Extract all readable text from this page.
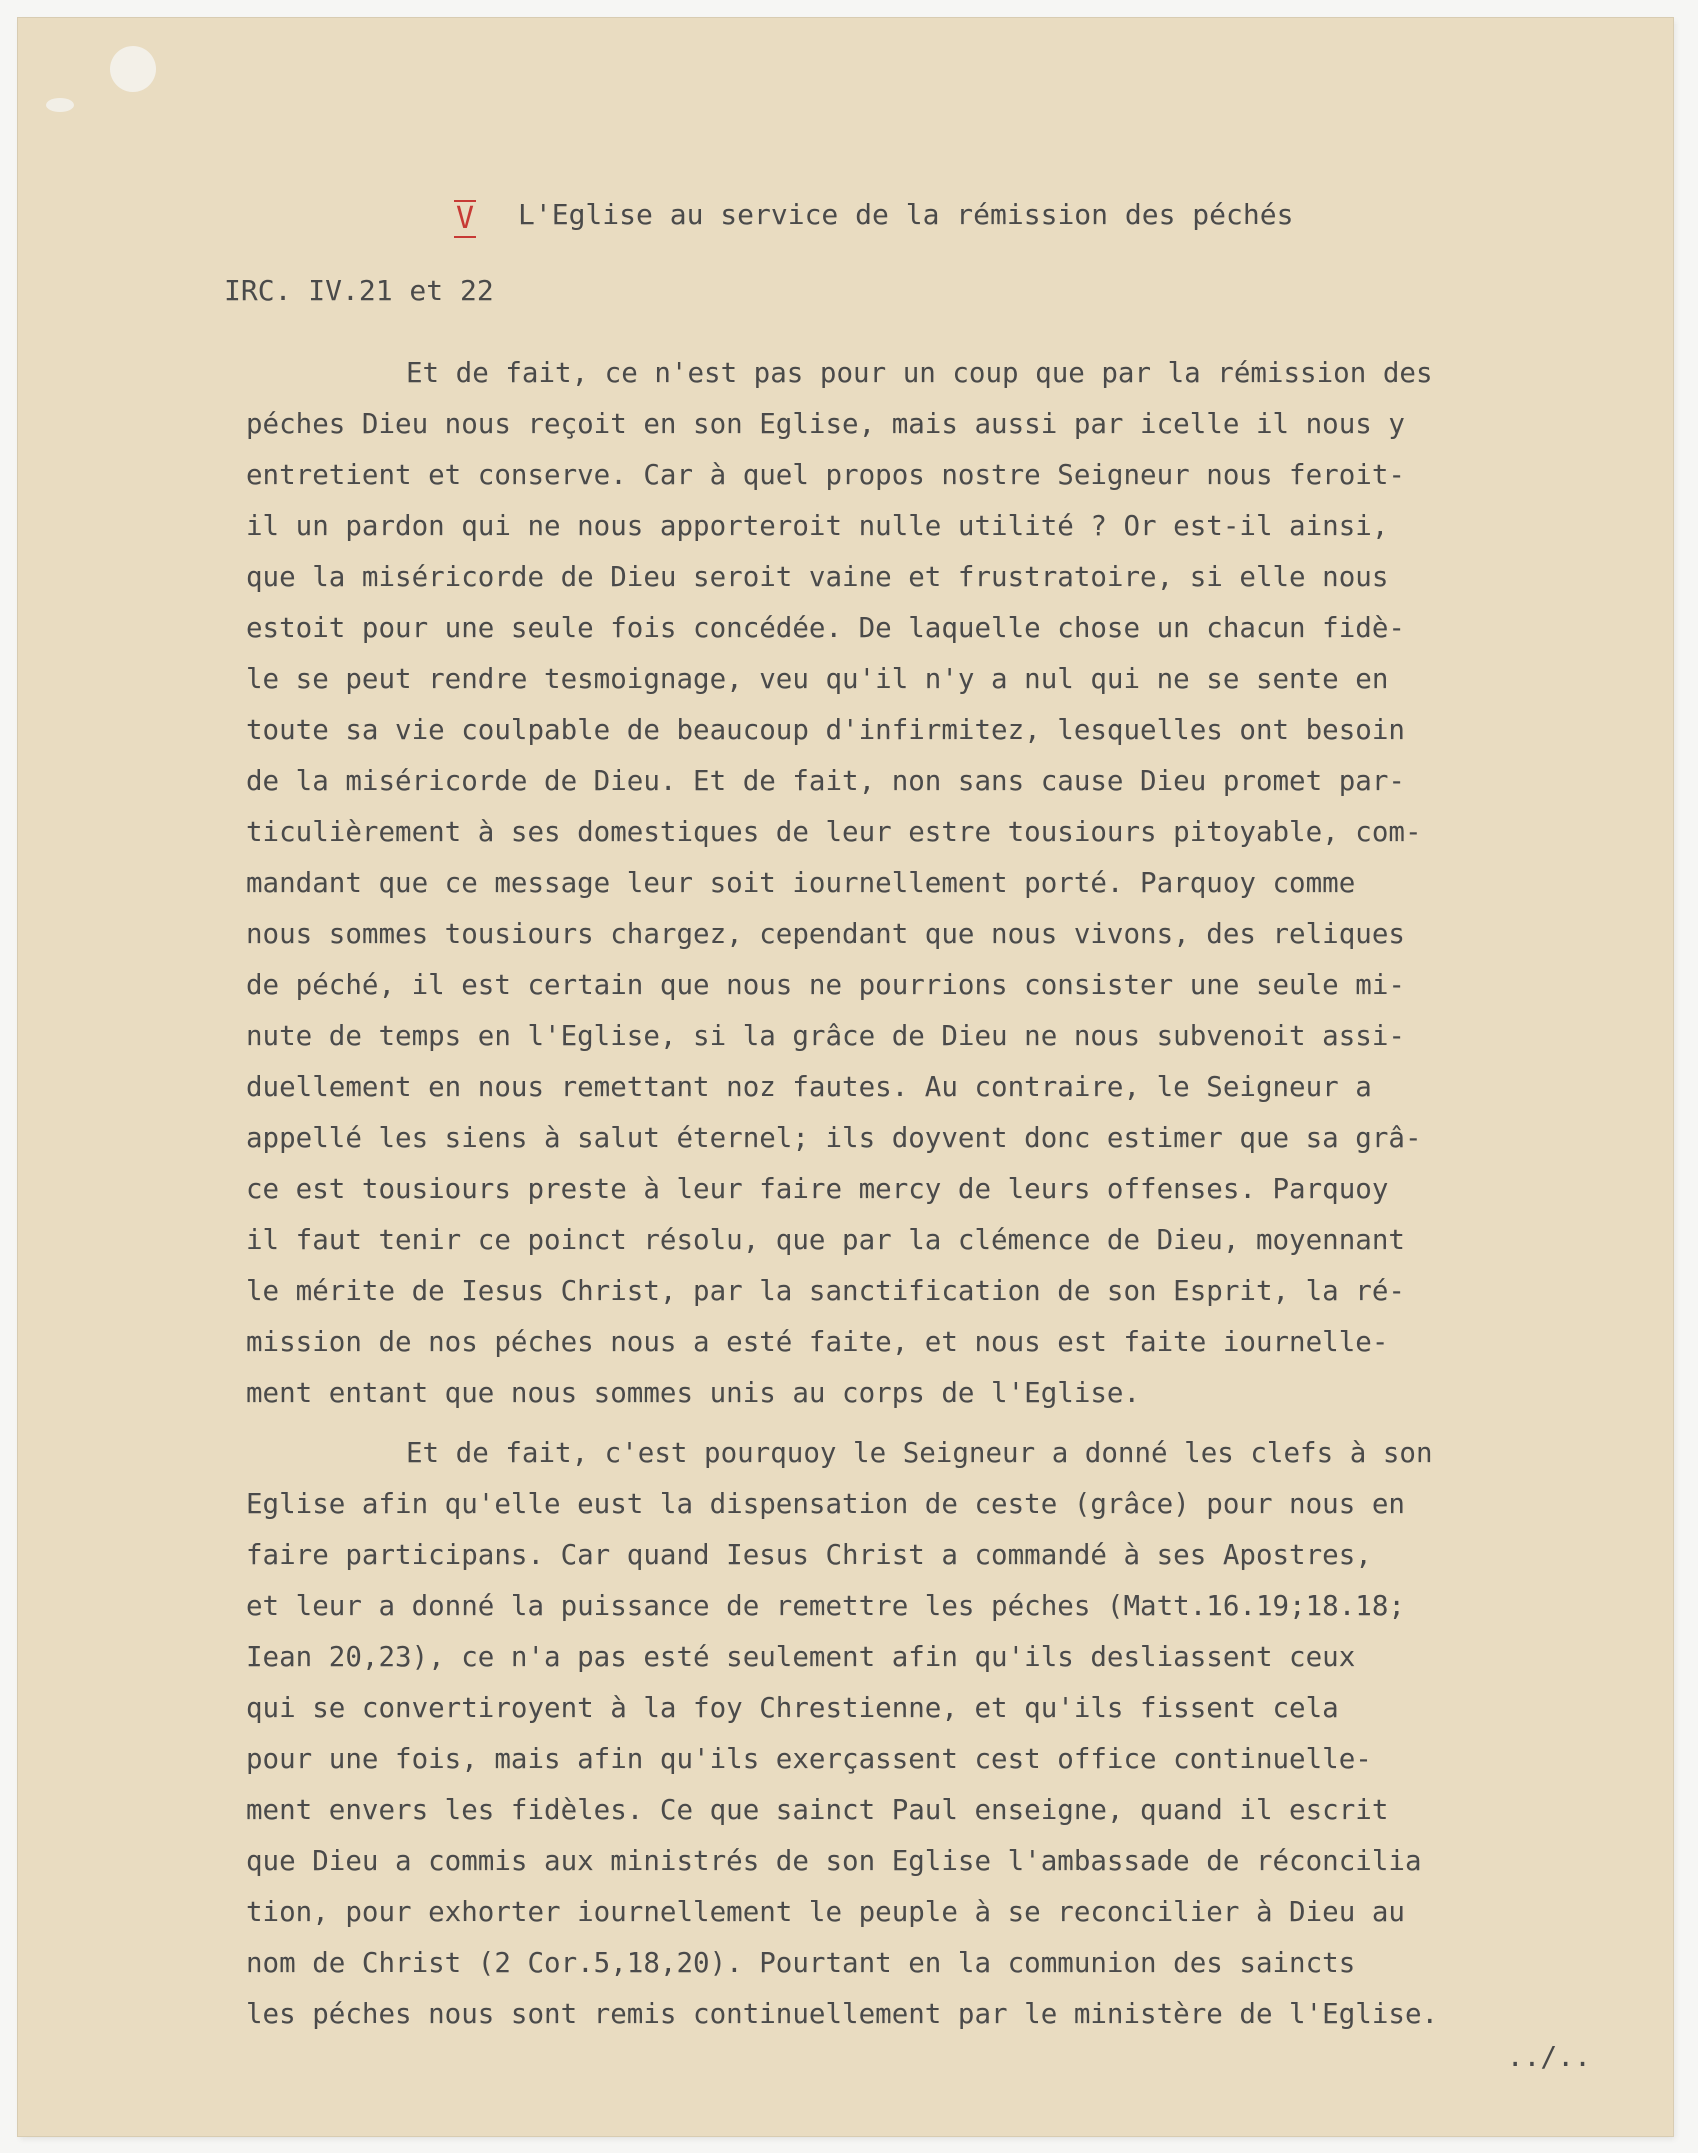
V L'Eglise au service de la rémission des péchés
IRC. IV.21 et 22
Et de fait, ce n'est pas pour un coup que par la rémission des
péches Dieu nous reçoit en son Eglise, mais aussi par icelle il nous y
entretient et conserve. Car à quel propos nostre Seigneur nous feroit-
il un pardon qui ne nous apporteroit nulle utilité ? Or est-il ainsi,
que la miséricorde de Dieu seroit vaine et frustratoire, si elle nous
estoit pour une seule fois concédée. De laquelle chose un chacun fidè-
le se peut rendre tesmoignage, veu qu'il n'y a nul qui ne se sente en
toute sa vie coulpable de beaucoup d'infirmitez, lesquelles ont besoin
de la miséricorde de Dieu. Et de fait, non sans cause Dieu promet par-
ticulièrement à ses domestiques de leur estre tousiours pitoyable, com-
mandant que ce message leur soit iournellement porté. Parquoy comme
nous sommes tousiours chargez, cependant que nous vivons, des reliques
de péché, il est certain que nous ne pourrions consister une seule mi-
nute de temps en l'Eglise, si la grâce de Dieu ne nous subvenoit assi-
duellement en nous remettant noz fautes. Au contraire, le Seigneur a
appellé les siens à salut éternel; ils doyvent donc estimer que sa grâ-
ce est tousiours preste à leur faire mercy de leurs offenses. Parquoy
il faut tenir ce poinct résolu, que par la clémence de Dieu, moyennant
le mérite de Iesus Christ, par la sanctification de son Esprit, la ré-
mission de nos péches nous a esté faite, et nous est faite iournelle-
ment entant que nous sommes unis au corps de l'Eglise.
Et de fait, c'est pourquoy le Seigneur a donné les clefs à son
Eglise afin qu'elle eust la dispensation de ceste (grâce) pour nous en
faire participans. Car quand Iesus Christ a commandé à ses Apostres,
et leur a donné la puissance de remettre les péches (Matt.16.19;18.18;
Iean 20,23), ce n'a pas esté seulement afin qu'ils desliassent ceux
qui se convertiroyent à la foy Chrestienne, et qu'ils fissent cela
pour une fois, mais afin qu'ils exerçassent cest office continuelle-
ment envers les fidèles. Ce que sainct Paul enseigne, quand il escrit
que Dieu a commis aux ministrés de son Eglise l'ambassade de réconcilia
tion, pour exhorter iournellement le peuple à se reconcilier à Dieu au
nom de Christ (2 Cor.5,18,20). Pourtant en la communion des saincts
les péches nous sont remis continuellement par le ministère de l'Eglise.
../..
